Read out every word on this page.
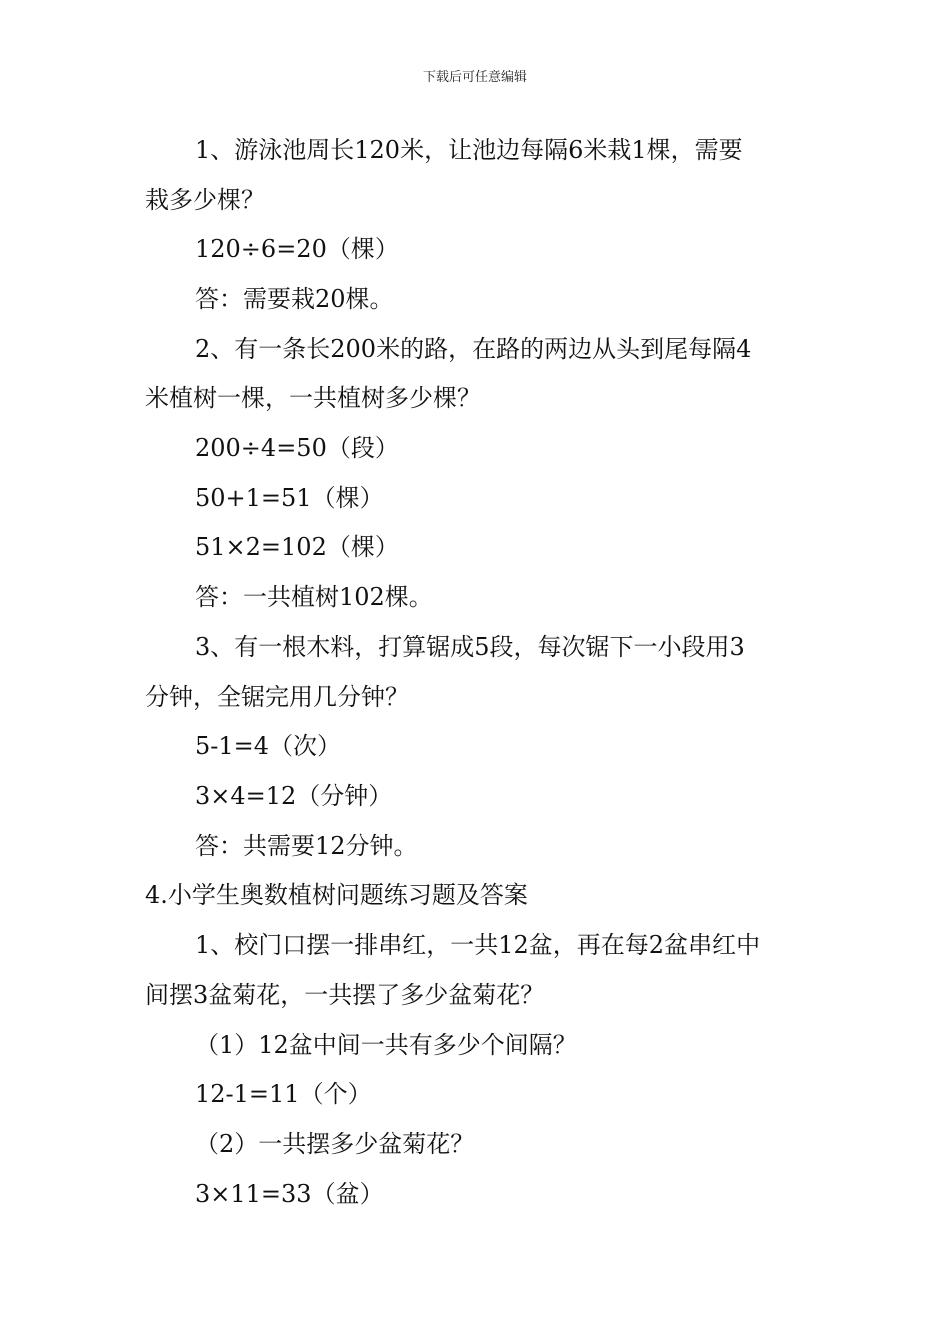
下载后可任意编辑
1、游泳池周长120米，让池边每隔6米栽1棵，需要
栽多少棵？
120÷6=20（棵）
答：需要栽20棵。
2、有一条长200米的路，在路的两边从头到尾每隔4
米植树一棵，一共植树多少棵？
200÷4=50（段）
50+1=51（棵）
51×2=102（棵）
答：一共植树102棵。
3、有一根木料，打算锯成5段，每次锯下一小段用3
分钟，全锯完用几分钟？
5-1=4（次）
3×4=12（分钟）
答：共需要12分钟。
4.小学生奥数植树问题练习题及答案
1、校门口摆一排串红，一共12盆，再在每2盆串红中
间摆3盆菊花，一共摆了多少盆菊花？
（1）12盆中间一共有多少个间隔？
12-1=11（个）
（2）一共摆多少盆菊花？
3×11=33（盆）
